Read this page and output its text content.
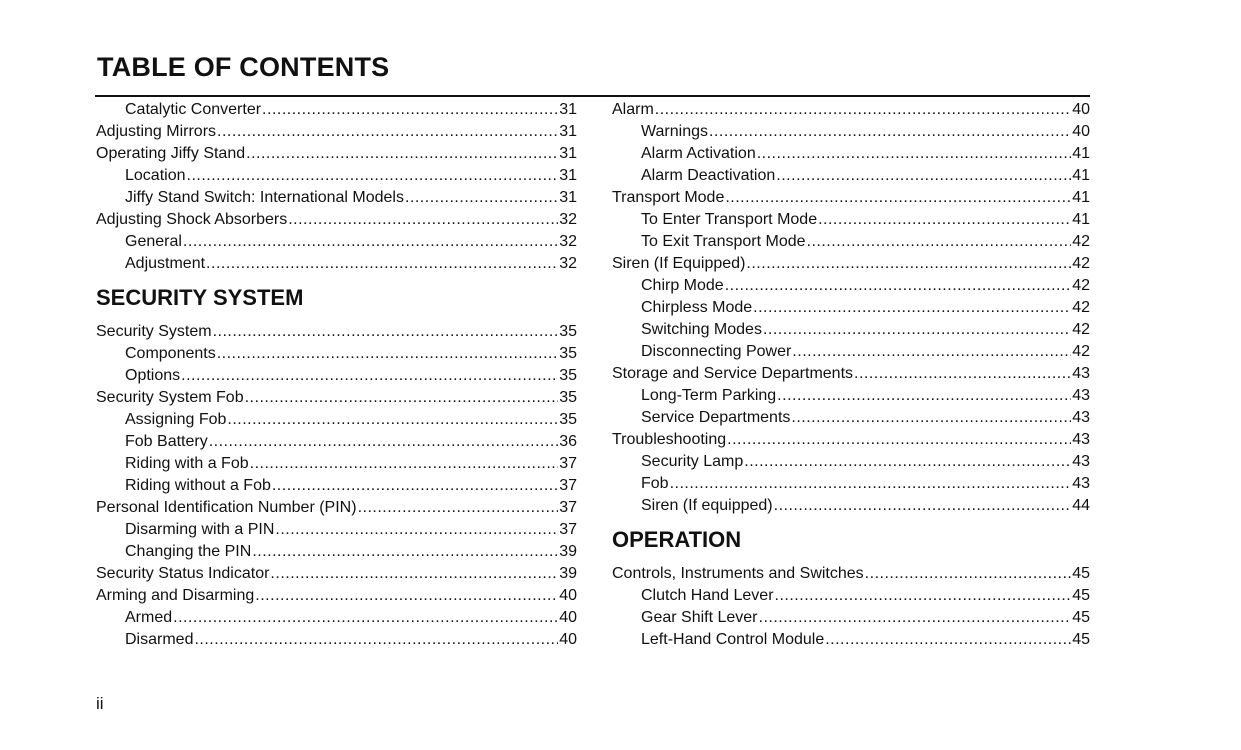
TABLE OF CONTENTS
Catalytic Converter .....	31
Adjusting Mirrors .....	31
Operating Jiffy Stand .....	31
Location .....	31
Jiffy Stand Switch: International Models .....	31
Adjusting Shock Absorbers .....	32
General .....	32
Adjustment .....	32
SECURITY SYSTEM
Security System .....	35
Components .....	35
Options .....	35
Security System Fob .....	35
Assigning Fob .....	35
Fob Battery .....	36
Riding with a Fob .....	37
Riding without a Fob .....	37
Personal Identification Number (PIN) .....	37
Disarming with a PIN .....	37
Changing the PIN .....	39
Security Status Indicator .....	39
Arming and Disarming .....	40
Armed .....	40
Disarmed .....	40
Alarm .....	40
Warnings .....	40
Alarm Activation .....	41
Alarm Deactivation .....	41
Transport Mode .....	41
To Enter Transport Mode .....	41
To Exit Transport Mode .....	42
Siren (If Equipped) .....	42
Chirp Mode .....	42
Chirpless Mode .....	42
Switching Modes .....	42
Disconnecting Power .....	42
Storage and Service Departments .....	43
Long-Term Parking .....	43
Service Departments .....	43
Troubleshooting .....	43
Security Lamp .....	43
Fob .....	43
Siren (If equipped) .....	44
OPERATION
Controls, Instruments and Switches .....	45
Clutch Hand Lever .....	45
Gear Shift Lever .....	45
Left-Hand Control Module .....	45
ii
